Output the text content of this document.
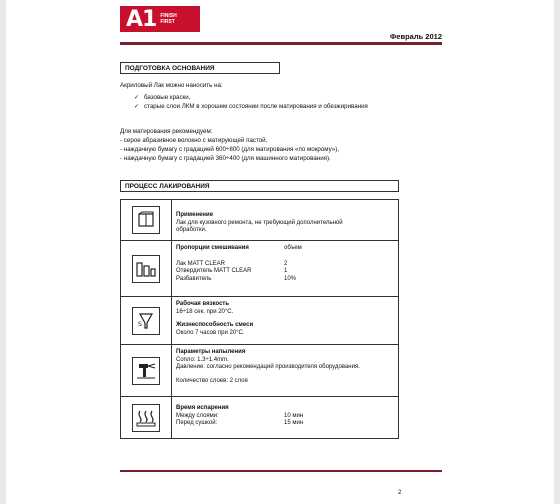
A1 FINISH FIRST
Февраль 2012
ПОДГОТОВКА ОСНОВАНИЯ
Акриловый Лак можно наносить на:
✓ базовые краски,
✓ старые слои ЛКМ в хорошем состоянии после матирования и обезжиривания
Для матирования рекомендуем:
- серое абразивное волокно с матирующей пастой,
- наждачную бумагу с градацией 600÷800 (для матирования «по мокрому»),
- наждачную бумагу с градацией 360÷400 (для машинного матирования).
ПРОЦЕСС ЛАКИРОВАНИЯ
Применение
Лак для кузовного ремонта, не требующий дополнительной
обработки.
Пропорции смешивания	объем
Лак MATT CLEAR	2
Отвердитель MATT CLEAR	1
Разбавитель	10%
S
Рабочая вязкость
16÷18 сек. при 20°С.
Жизнеспособность смеси
Около 7 часов при 20°С.
Параметры напыления
Сопло: 1.3÷1.4mm.
Давление: согласно рекомендаций производителя оборудования.
Количество слоев: 2 слоя
Время испарения
Между слоями:	10 мин
Перед сушкой:	15 мин
2
